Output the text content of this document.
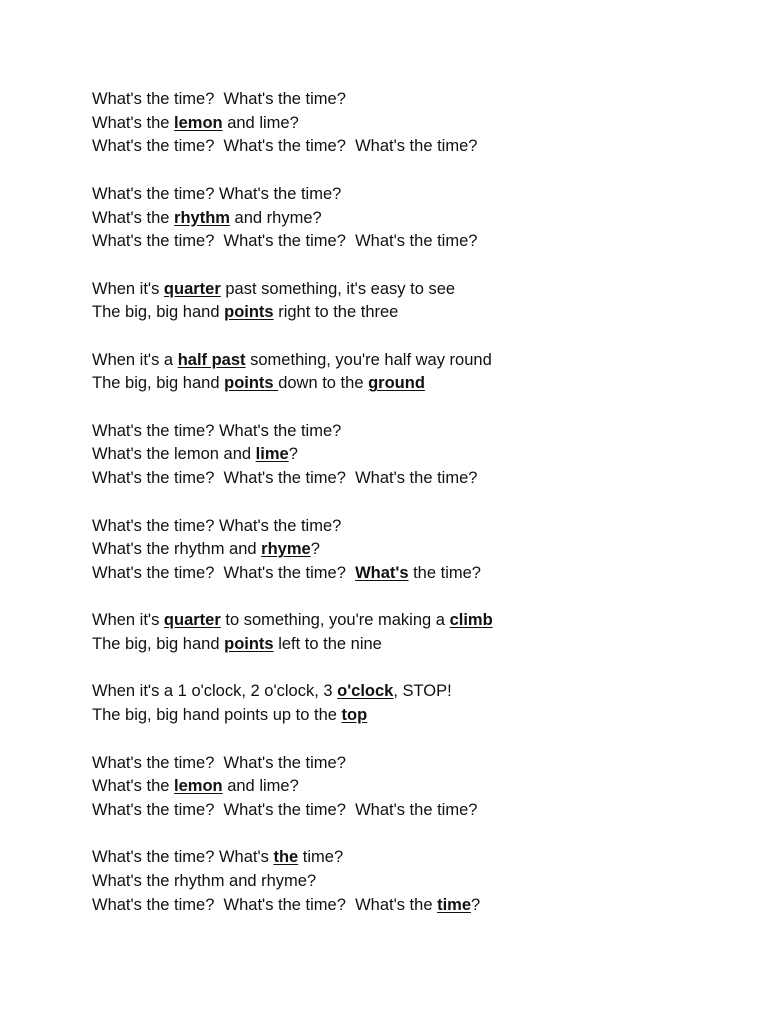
What's the time?  What's the time?
What's the lemon and lime?
What's the time?  What's the time?  What's the time?
What's the time? What's the time?
What's the rhythm and rhyme?
What's the time?  What's the time?  What's the time?
When it's quarter past something, it's easy to see
The big, big hand points right to the three
When it's a half past something, you're half way round
The big, big hand points down to the ground
What's the time? What's the time?
What's the lemon and lime?
What's the time?  What's the time?  What's the time?
What's the time? What's the time?
What's the rhythm and rhyme?
What's the time?  What's the time?  What's the time?
When it's quarter to something, you're making a climb
The big, big hand points left to the nine
When it's a 1 o'clock, 2 o'clock, 3 o'clock, STOP!
The big, big hand points up to the top
What's the time?  What's the time?
What's the lemon and lime?
What's the time?  What's the time?  What's the time?
What's the time? What's the time?
What's the rhythm and rhyme?
What's the time?  What's the time?  What's the time?
